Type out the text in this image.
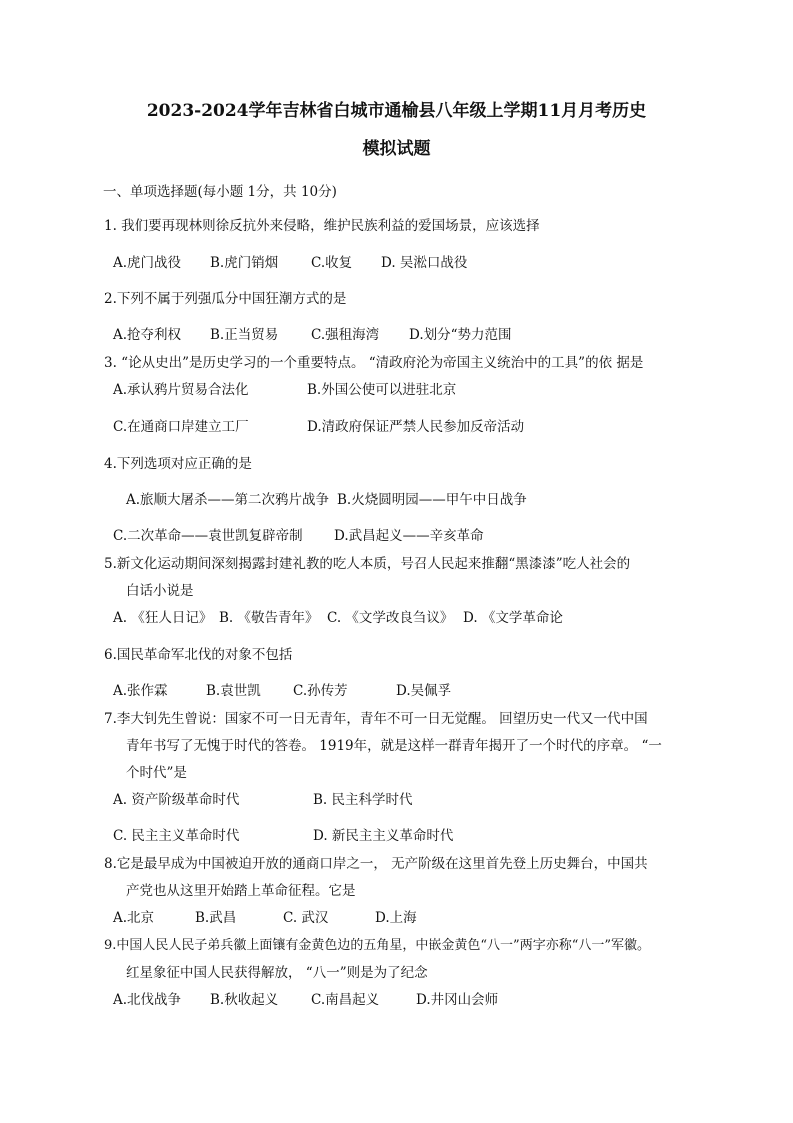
2023-2024学年吉林省白城市通榆县八年级上学期11月月考历史
模拟试题
一、单项选择题(每小题 1分，共 10分)
1. 我们要再现林则徐反抗外来侵略，维护民族利益的爱国场景，应该选择
A.虎门战役 B.虎门销烟 C.收复 D. 吴淞口战役
2.下列不属于列强瓜分中国狂潮方式的是
A.抢夺利权 B.正当贸易 C.强租海湾 D.划分“势力范围
3. “论从史出”是历史学习的一个重要特点。 “清政府沦为帝国主义统治中的工具”的依 据是
A.承认鸦片贸易合法化	B.外国公使可以进驻北京
C.在通商口岸建立工厂	D.清政府保证严禁人民参加反帝活动
4.下列选项对应正确的是
A.旅顺大屠杀——第二次鸦片战争 B.火烧圆明园——甲午中日战争
C.二次革命——袁世凯复辟帝制 D.武昌起义——辛亥革命
5.新文化运动期间深刻揭露封建礼教的吃人本质，号召人民起来推翻“黑漆漆”吃人社会的
白话小说是
A. 《狂人日记》 B. 《敬告青年》 C. 《文学改良刍议》 D. 《文学革命论
6.国民革命军北伐的对象不包括
A.张作霖	B.袁世凯 C.孙传芳	D.吴佩孚
7.李大钊先生曾说：国家不可一日无青年，青年不可一日无觉醒。 回望历史一代又一代中国
青年书写了无愧于时代的答卷。 1919年，就是这样一群青年揭开了一个时代的序章。 “一
个时代”是
A. 资产阶级革命时代	B. 民主科学时代
C. 民主主义革命时代	D. 新民主主义革命时代
8.它是最早成为中国被迫开放的通商口岸之一， 无产阶级在这里首先登上历史舞台，中国共
产党也从这里开始踏上革命征程。它是
A.北京	B.武昌	C. 武汉	D.上海
9.中国人民人民子弟兵徽上面镶有金黄色边的五角星，中嵌金黄色“八一”两字亦称“八一”军徽。
红星象征中国人民获得解放， “八一”则是为了纪念
A.北伐战争 B.秋收起义 C.南昌起义	D.井冈山会师
